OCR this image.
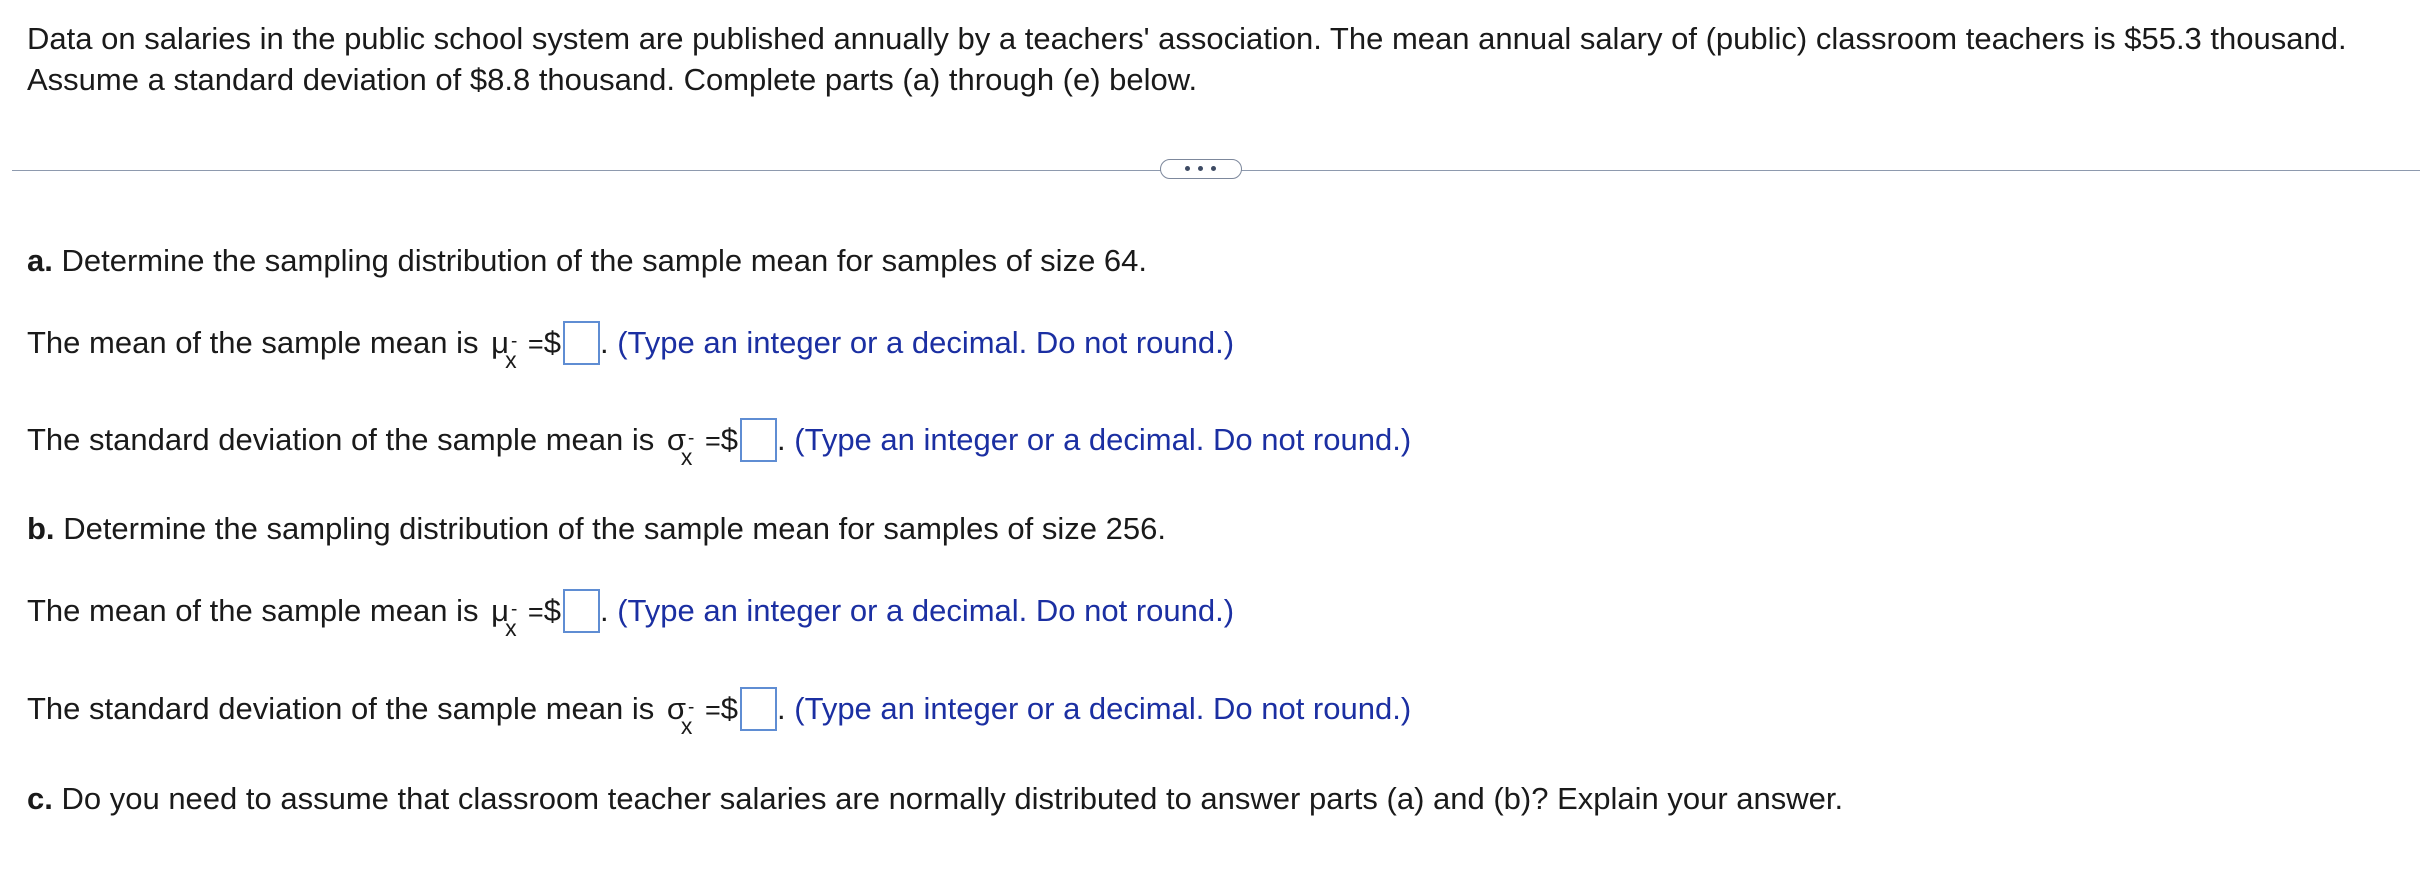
Data on salaries in the public school system are published annually by a teachers' association. The mean annual salary of (public) classroom teachers is $55.3 thousand. Assume a standard deviation of $8.8 thousand. Complete parts (a) through (e) below.

a. Determine the sampling distribution of the sample mean for samples of size 64.

The mean of the sample mean is μ -
x
=$ . (Type an integer or a decimal. Do not round.)

The standard deviation of the sample mean is σ -
x
=$ . (Type an integer or a decimal. Do not round.)

b. Determine the sampling distribution of the sample mean for samples of size 256.

The mean of the sample mean is μ -
x
=$ . (Type an integer or a decimal. Do not round.)

The standard deviation of the sample mean is σ -
x
=$ . (Type an integer or a decimal. Do not round.)

c. Do you need to assume that classroom teacher salaries are normally distributed to answer parts (a) and (b)? Explain your answer.
